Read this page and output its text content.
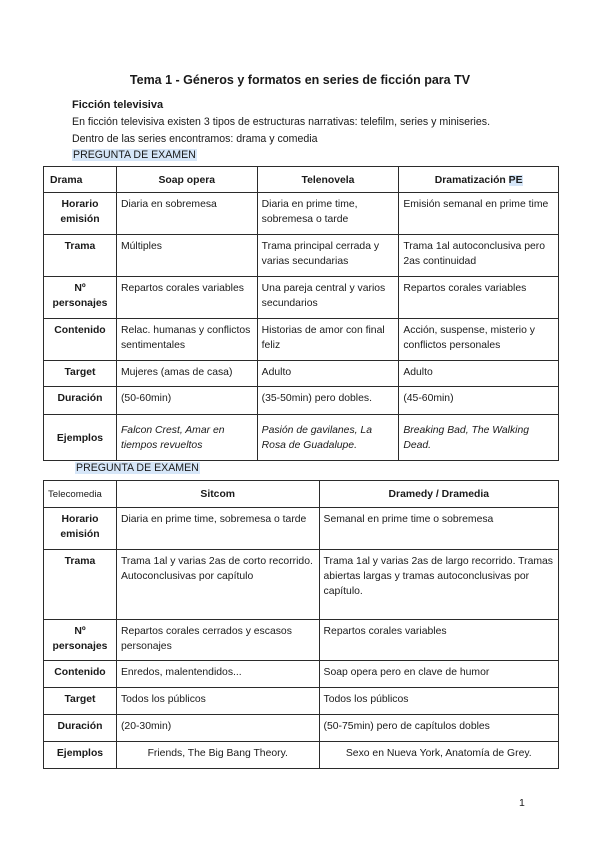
Tema 1 - Géneros y formatos en series de ficción para TV
Ficción televisiva
En ficción televisiva existen 3 tipos de estructuras narrativas: telefilm, series y miniseries.
Dentro de las series encontramos: drama y comedia
PREGUNTA DE EXAMEN
Drama	Soap opera	Telenovela	Dramatización PE
Horario emisión	Diaria en sobremesa	Diaria en prime time, sobremesa o tarde	Emisión semanal en prime time
Trama	Múltiples	Trama principal cerrada y varias secundarias	Trama 1al autoconclusiva pero 2as continuidad
Nº personajes	Repartos corales variables	Una pareja central y varios secundarios	Repartos corales variables
Contenido	Relac. humanas y conflictos sentimentales	Historias de amor con final feliz	Acción, suspense, misterio y conflictos personales
Target	Mujeres (amas de casa)	Adulto	Adulto
Duración	(50-60min)	(35-50min) pero dobles.	(45-60min)
Ejemplos	Falcon Crest, Amar en tiempos revueltos	Pasión de gavilanes, La Rosa de Guadalupe.	Breaking Bad, The Walking Dead.
PREGUNTA DE EXAMEN
Telecomedia	Sitcom	Dramedy / Dramedia
Horario emisión	Diaria en prime time, sobremesa o tarde	Semanal en prime time o sobremesa
Trama	Trama 1al y varias 2as de corto recorrido. Autoconclusivas por capítulo	Trama 1al y varias 2as de largo recorrido. Tramas abiertas largas y tramas autoconclusivas por capítulo.
Nº personajes	Repartos corales cerrados y escasos personajes	Repartos corales variables
Contenido	Enredos, malentendidos...	Soap opera pero en clave de humor
Target	Todos los públicos	Todos los públicos
Duración	(20-30min)	(50-75min) pero de capítulos dobles
Ejemplos	Friends, The Big Bang Theory.	Sexo en Nueva York, Anatomía de Grey.
1
